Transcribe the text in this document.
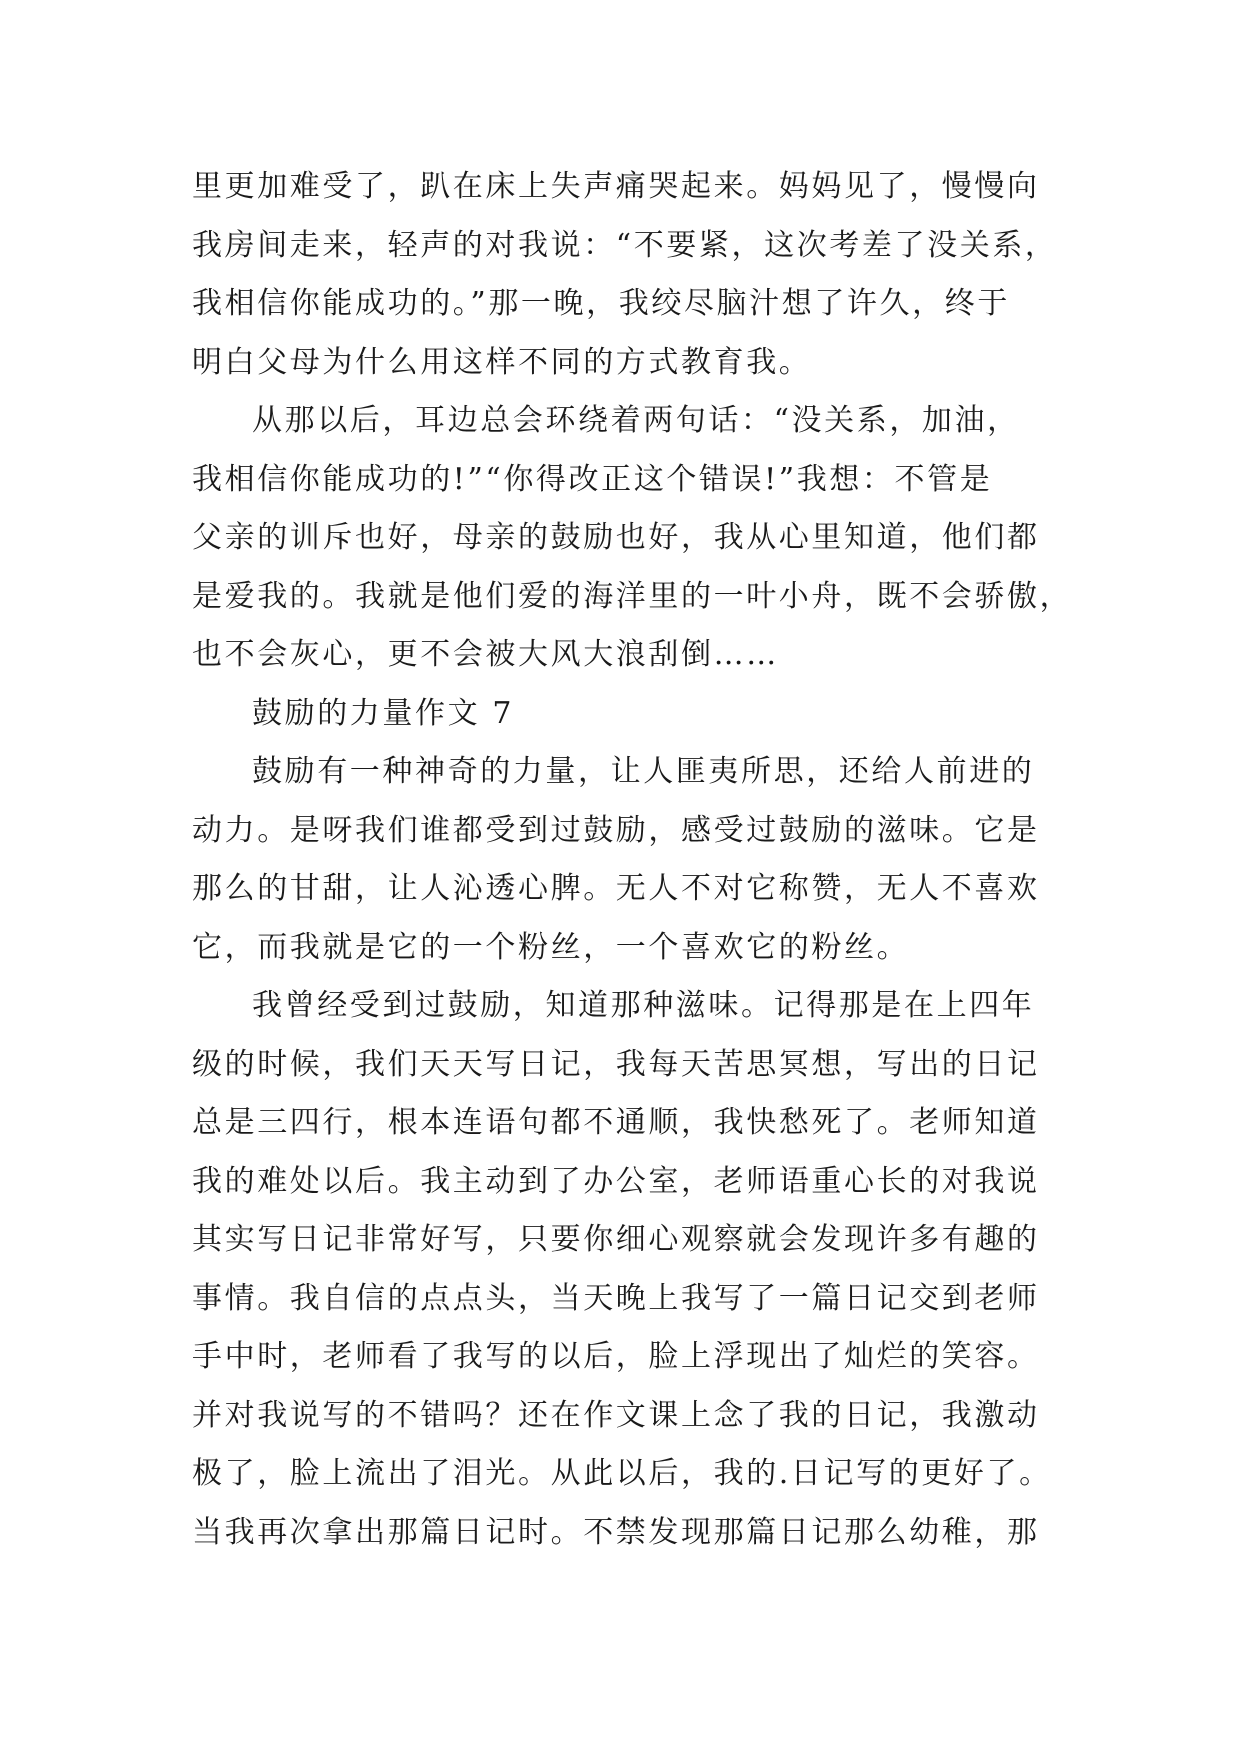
里更加难受了，趴在床上失声痛哭起来。妈妈见了，慢慢向
我房间走来，轻声的对我说：“不要紧，这次考差了没关系，
我相信你能成功的。”那一晚，我绞尽脑汁想了许久，终于
明白父母为什么用这样不同的方式教育我。
从那以后，耳边总会环绕着两句话：“没关系，加油，
我相信你能成功的!”“你得改正这个错误!”我想：不管是
父亲的训斥也好，母亲的鼓励也好，我从心里知道，他们都
是爱我的。我就是他们爱的海洋里的一叶小舟，既不会骄傲，
也不会灰心，更不会被大风大浪刮倒……
鼓励的力量作文 7
鼓励有一种神奇的力量，让人匪夷所思，还给人前进的
动力。是呀我们谁都受到过鼓励，感受过鼓励的滋味。它是
那么的甘甜，让人沁透心脾。无人不对它称赞，无人不喜欢
它，而我就是它的一个粉丝，一个喜欢它的粉丝。
我曾经受到过鼓励，知道那种滋味。记得那是在上四年
级的时候，我们天天写日记，我每天苦思冥想，写出的日记
总是三四行，根本连语句都不通顺，我快愁死了。老师知道
我的难处以后。我主动到了办公室，老师语重心长的对我说
其实写日记非常好写，只要你细心观察就会发现许多有趣的
事情。我自信的点点头，当天晚上我写了一篇日记交到老师
手中时，老师看了我写的以后，脸上浮现出了灿烂的笑容。
并对我说写的不错吗？还在作文课上念了我的日记，我激动
极了，脸上流出了泪光。从此以后，我的.日记写的更好了。
当我再次拿出那篇日记时。不禁发现那篇日记那么幼稚，那
